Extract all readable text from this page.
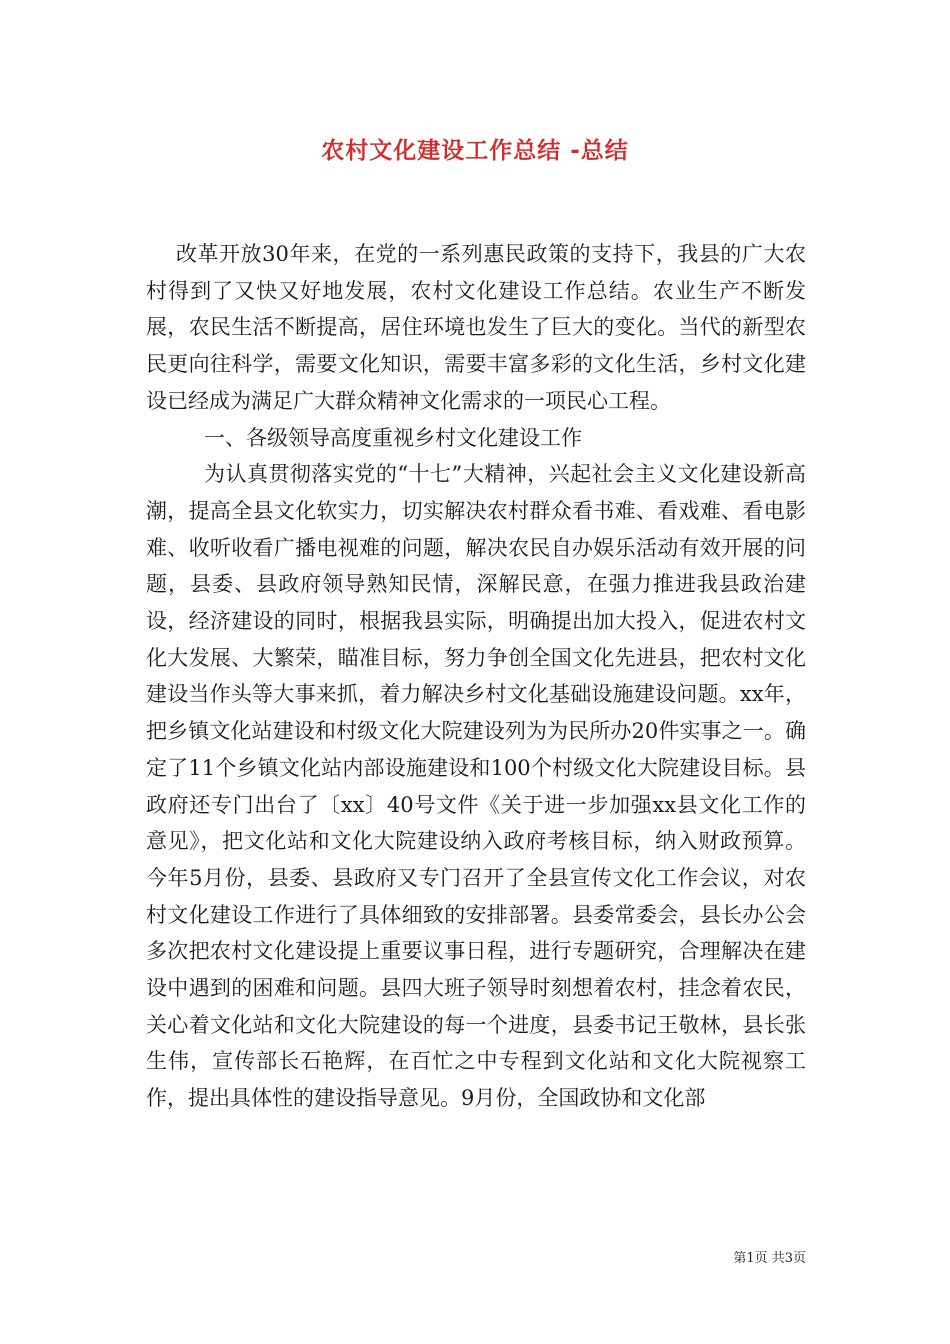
农村文化建设工作总结 -总结

改革开放30年来，在党的一系列惠民政策的支持下，我县的广大农村得到了又快又好地发展，农村文化建设工作总结。农业生产不断发展，农民生活不断提高，居住环境也发生了巨大的变化。当代的新型农民更向往科学，需要文化知识，需要丰富多彩的文化生活，乡村文化建设已经成为满足广大群众精神文化需求的一项民心工程。

一、各级领导高度重视乡村文化建设工作

为认真贯彻落实党的“十七”大精神，兴起社会主义文化建设新高潮，提高全县文化软实力，切实解决农村群众看书难、看戏难、看电影难、收听收看广播电视难的问题，解决农民自办娱乐活动有效开展的问题，县委、县政府领导熟知民情，深解民意，在强力推进我县政治建设，经济建设的同时，根据我县实际，明确提出加大投入，促进农村文化大发展、大繁荣，瞄准目标，努力争创全国文化先进县，把农村文化建设当作头等大事来抓，着力解决乡村文化基础设施建设问题。xx年，把乡镇文化站建设和村级文化大院建设列为为民所办20件实事之一。确定了11个乡镇文化站内部设施建设和100个村级文化大院建设目标。县政府还专门出台了〔xx〕40号文件《关于进一步加强xx县文化工作的意见》，把文化站和文化大院建设纳入政府考核目标，纳入财政预算。今年5月份，县委、县政府又专门召开了全县宣传文化工作会议，对农村文化建设工作进行了具体细致的安排部署。县委常委会，县长办公会多次把农村文化建设提上重要议事日程，进行专题研究，合理解决在建设中遇到的困难和问题。县四大班子领导时刻想着农村，挂念着农民，关心着文化站和文化大院建设的每一个进度，县委书记王敬林，县长张生伟，宣传部长石艳辉，在百忙之中专程到文化站和文化大院视察工作，提出具体性的建设指导意见。9月份，全国政协和文化部

第1页 共3页
